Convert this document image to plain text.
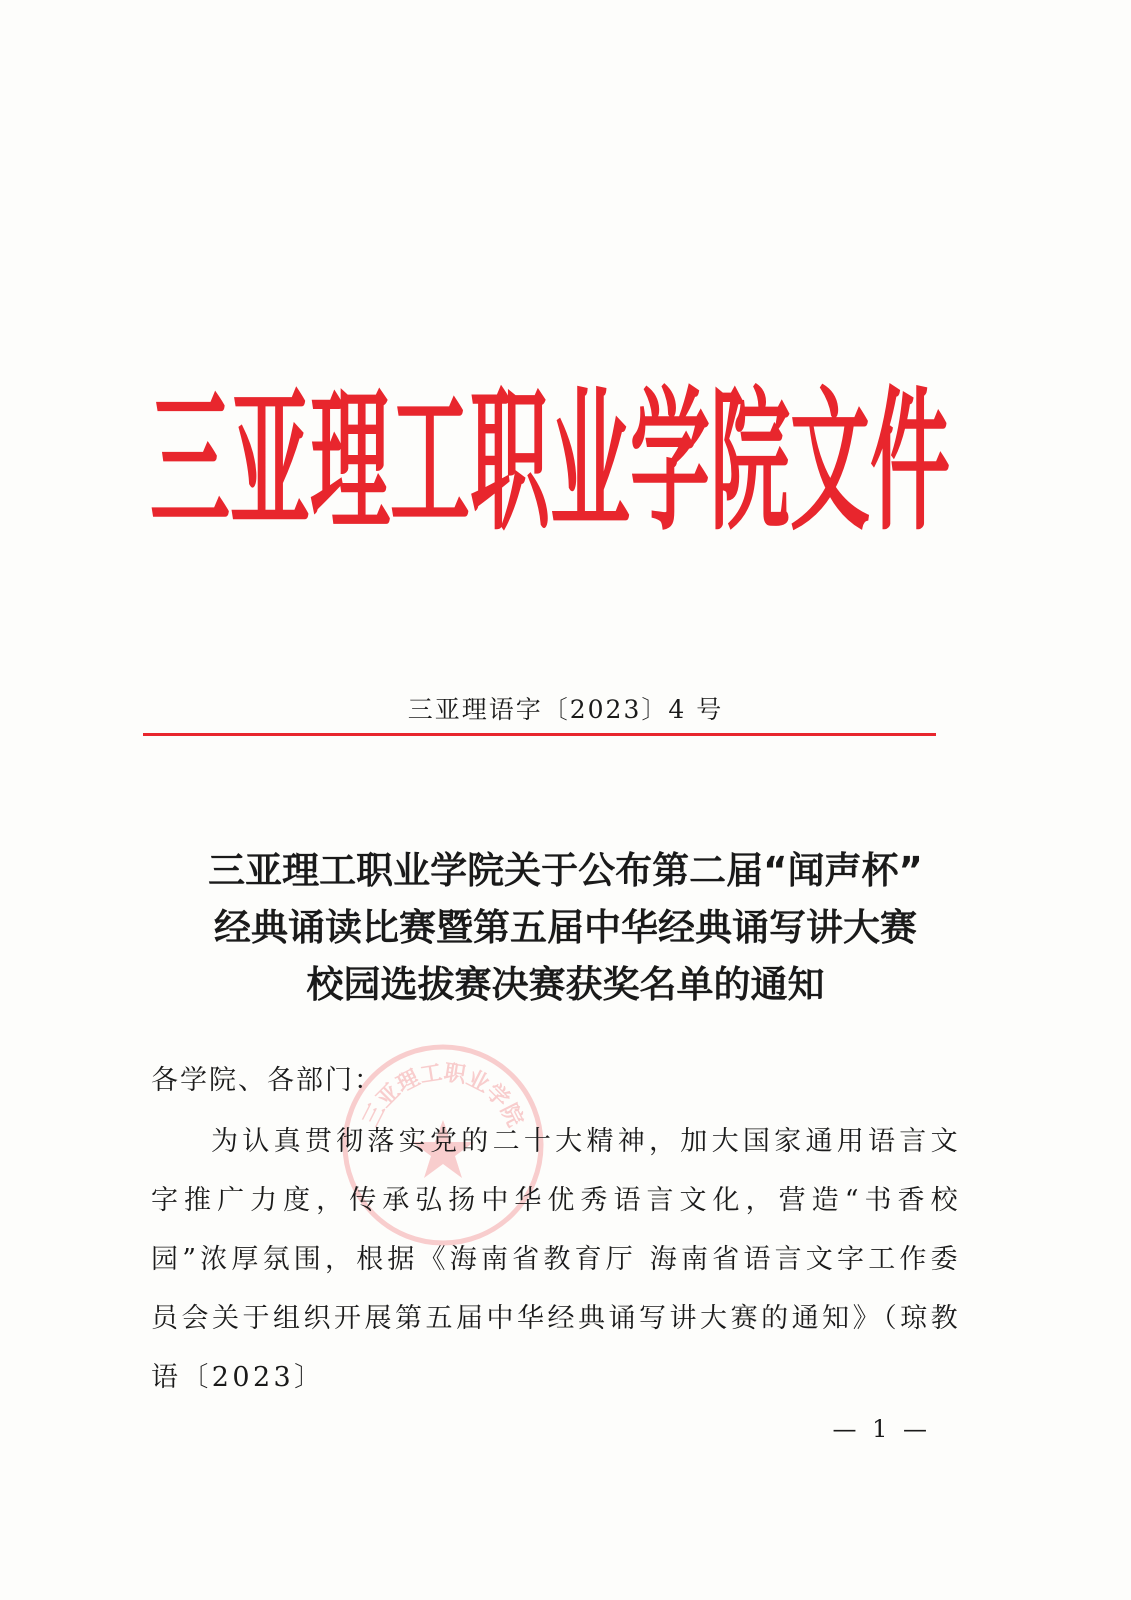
三亚理工职业学院文件
三亚理语字〔2023〕4 号
三亚理工职业学院关于公布第二届“闻声杯”
经典诵读比赛暨第五届中华经典诵写讲大赛
校园选拔赛决赛获奖名单的通知
三亚理工职业学院
各学院、各部门：
为认真贯彻落实党的二十大精神，加大国家通用语言文字推广力度，传承弘扬中华优秀语言文化，营造“书香校园”浓厚氛围，根据《海南省教育厅 海南省语言文字工作委员会关于组织开展第五届中华经典诵写讲大赛的通知》（琼教语〔2023〕
— 1 —
